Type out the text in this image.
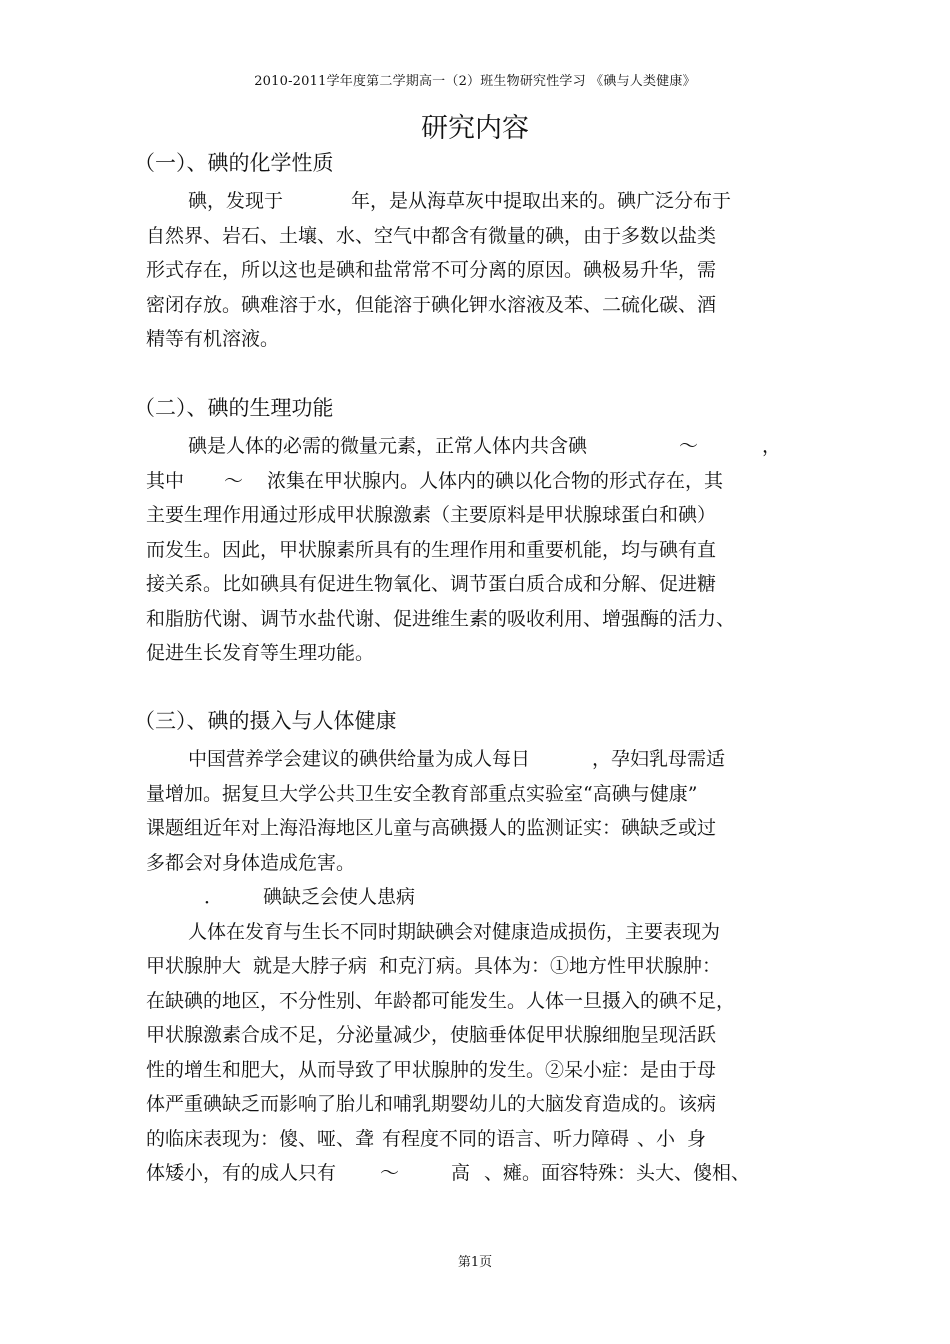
2010-2011学年度第二学期高一（2）班生物研究性学习 《碘与人类健康》
研究内容
（一）、碘的化学性质
碘，发现于	年，是从海草灰中提取出来的。碘广泛分布于
自然界、岩石、土壤、水、空气中都含有微量的碘，由于多数以盐类
形式存在，所以这也是碘和盐常常不可分离的原因。碘极易升华，需
密闭存放。碘难溶于水，但能溶于碘化钾水溶液及苯、二硫化碳、酒
精等有机溶液。
（二）、碘的生理功能
碘是人体的必需的微量元素，正常人体内共含碘	～	，
其中 ～ 浓集在甲状腺内。人体内的碘以化合物的形式存在，其
主要生理作用通过形成甲状腺激素（主要原料是甲状腺球蛋白和碘）
而发生。因此，甲状腺素所具有的生理作用和重要机能，均与碘有直
接关系。比如碘具有促进生物氧化、调节蛋白质合成和分解、促进糖
和脂肪代谢、调节水盐代谢、促进维生素的吸收利用、增强酶的活力、
促进生长发育等生理功能。
（三）、碘的摄入与人体健康
中国营养学会建议的碘供给量为成人每日	，孕妇乳母需适
量增加。据复旦大学公共卫生安全教育部重点实验室“高碘与健康”
课题组近年对上海沿海地区儿童与高碘摄人的监测证实：碘缺乏或过
多都会对身体造成危害。
． 碘缺乏会使人患病
人体在发育与生长不同时期缺碘会对健康造成损伤，主要表现为
甲状腺肿大 就是大脖子病 和克汀病。具体为：①地方性甲状腺肿：
在缺碘的地区，不分性别、年龄都可能发生。人体一旦摄入的碘不足，
甲状腺激素合成不足，分泌量减少，使脑垂体促甲状腺细胞呈现活跃
性的增生和肥大，从而导致了甲状腺肿的发生。②呆小症：是由于母
体严重碘缺乏而影响了胎儿和哺乳期婴幼儿的大脑发育造成的。该病
的临床表现为：傻、哑、聋 有程度不同的语言、听力障碍 、小 身
体矮小，有的成人只有 ～	高 、瘫。面容特殊：头大、傻相、
第1页
